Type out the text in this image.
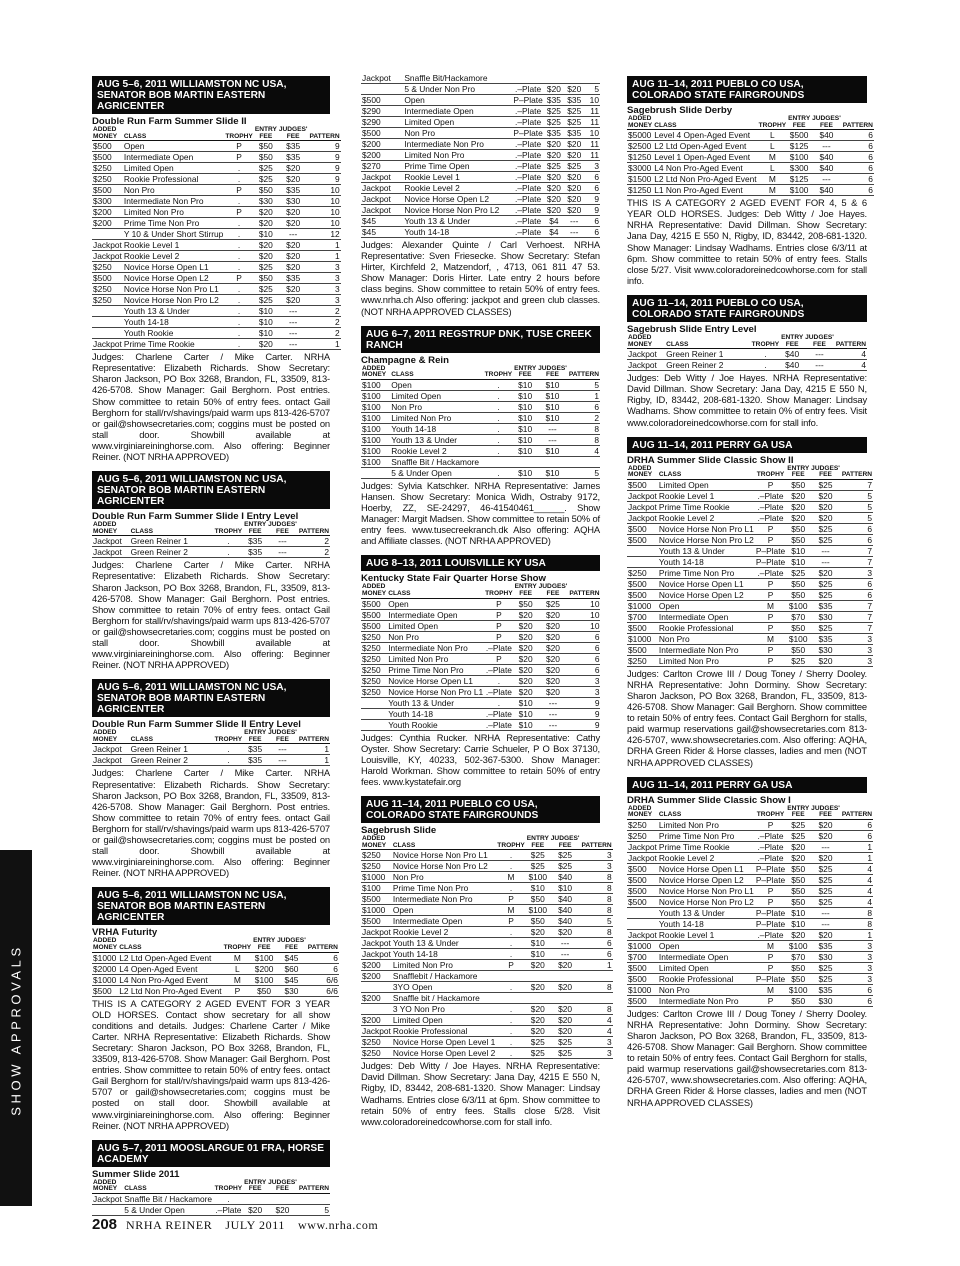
SHOW APPROVALS
AUG 5–6, 2011 WILLIAMSTON NC USA, SENATOR BOB MARTIN EASTERN AGRICENTER
Double Run Farm Summer Slide II
ADDED MONEY	CLASS	TROPHY	ENTRY FEE	JUDGES' FEE	PATTERN
$500	Open	P	$50	$35	9
$500	Intermediate Open	P	$50	$35	9
$250	Limited Open	.	$25	$20	9
$250	Rookie Professional	.	$25	$20	9
$500	Non Pro	P	$50	$35	10
$300	Intermediate Non Pro	.	$30	$30	10
$200	Limited Non Pro	P	$20	$20	10
$200	Prime Time Non Pro	.	$20	$20	10
	Y 10 & Under Short Stirrup	.	$10	---	12
Jackpot	Rookie Level 1	.	$20	$20	1
Jackpot	Rookie Level 2	.	$20	$20	1
$250	Novice Horse Open L1	.	$25	$20	3
$500	Novice Horse Open L2	P	$50	$35	3
$250	Novice Horse Non Pro L1	.	$25	$20	3
$250	Novice Horse Non Pro L2	.	$25	$20	3
	Youth 13 & Under	.	$10	---	2
	Youth 14-18	.	$10	---	2
	Youth Rookie	.	$10	---	2
Jackpot	Prime Time Rookie	.	$20	---	1
Judges: Charlene Carter / Mike Carter. NRHA Representative: Elizabeth Richards. Show Secretary: Sharon Jackson, PO Box 3268, Brandon, FL, 33509, 813-426-5708. Show Manager: Gail Berghorn. Post entries. Show committee to retain 50% of entry fees. ontact Gail Berghorn for stall/rv/shavings/paid warm ups 813-426-5707 or gail@showsecretaries.com; coggins must be posted on stall door. Showbill available at www.virginiareininghorse.com. Also offering: Beginner Reiner. (NOT NRHA APPROVED)
AUG 5–6, 2011 WILLIAMSTON NC USA, SENATOR BOB MARTIN EASTERN AGRICENTER
Double Run Farm Summer Slide I Entry Level
ADDED MONEY	CLASS	TROPHY	ENTRY FEE	JUDGES' FEE	PATTERN
Jackpot	Green Reiner 1	.	$35	---	2
Jackpot	Green Reiner 2	.	$35	---	2
Judges: Charlene Carter / Mike Carter. NRHA Representative: Elizabeth Richards. Show Secretary: Sharon Jackson, PO Box 3268, Brandon, FL, 33509, 813-426-5708. Show Manager: Gail Berghorn. Post entries. Show committee to retain 70% of entry fees. ontact Gail Berghorn for stall/rv/shavings/paid warm ups 813-426-5707 or gail@showsecretaries.com; coggins must be posted on stall door. Showbill available at www.virginiareininghorse.com. Also offering: Beginner Reiner. (NOT NRHA APPROVED)
AUG 5–6, 2011 WILLIAMSTON NC USA, SENATOR BOB MARTIN EASTERN AGRICENTER
Double Run Farm Summer Slide II Entry Level
ADDED MONEY	CLASS	TROPHY	ENTRY FEE	JUDGES' FEE	PATTERN
Jackpot	Green Reiner 1	.	$35	---	1
Jackpot	Green Reiner 2	.	$35	---	1
Judges: Charlene Carter / Mike Carter. NRHA Representative: Elizabeth Richards. Show Secretary: Sharon Jackson, PO Box 3268, Brandon, FL, 33509, 813-426-5708. Show Manager: Gail Berghorn. Post entries. Show committee to retain 70% of entry fees. ontact Gail Berghorn for stall/rv/shavings/paid warm ups 813-426-5707 or gail@showsecretaries.com; coggins must be posted on stall door. Showbill available at www.virginiareininghorse.com. Also offering: Beginner Reiner. (NOT NRHA APPROVED)
AUG 5–6, 2011 WILLIAMSTON NC USA, SENATOR BOB MARTIN EASTERN AGRICENTER
VRHA Futurity
ADDED MONEY	CLASS	TROPHY	ENTRY FEE	JUDGES' FEE	PATTERN
$1000	L2 Ltd Open-Aged Event	M	$100	$45	6
$2000	L4 Open-Aged Event	L	$200	$60	6
$1000	L4 Non Pro-Aged Event	M	$100	$45	6/6
$500	L2 Ltd Non Pro-Aged Event	P	$50	$30	6/6
THIS IS A CATEGORY 2 AGED EVENT FOR 3 YEAR OLD HORSES. Contact show secretary for all show conditions and details. Judges: Charlene Carter / Mike Carter. NRHA Representative: Elizabeth Richards. Show Secretary: Sharon Jackson, PO Box 3268, Brandon, FL, 33509, 813-426-5708. Show Manager: Gail Berghorn. Post entries. Show committee to retain 50% of entry fees. ontact Gail Berghorn for stall/rv/shavings/paid warm ups 813-426-5707 or gail@showsecretaries.com; coggins must be posted on stall door. Showbill available at www.virginiareininghorse.com. Also offering: Beginner Reiner. (NOT NRHA APPROVED)
AUG 5–7, 2011 MOOSLARGUE 01 FRA, HORSE ACADEMY
Summer Slide 2011
ADDED MONEY	CLASS	TROPHY	ENTRY FEE	JUDGES' FEE	PATTERN
Jackpot	Snaffle Bit / Hackamore	.			
	5 & Under Open	.–Plate	$20	$20	5
Jackpot	Snaffle Bit/Hackamore				
	5 & Under Non Pro	.–Plate	$20	$20	5
$500	Open	P–Plate	$35	$35	10
$290	Intermediate Open	.–Plate	$25	$25	11
$290	Limited Open	.–Plate	$25	$25	11
$500	Non Pro	P–Plate	$35	$35	10
$200	Intermediate Non Pro	.–Plate	$20	$20	11
$200	Limited Non Pro	.–Plate	$20	$20	11
$270	Prime Time Open	.–Plate	$25	$25	3
Jackpot	Rookie Level 1	.–Plate	$20	$20	6
Jackpot	Rookie Level 2	.–Plate	$20	$20	6
Jackpot	Novice Horse Open L2	.–Plate	$20	$20	9
Jackpot	Novice Horse Non Pro L2	.–Plate	$20	$20	9
$45	Youth 13 & Under	.–Plate	$4	---	6
$45	Youth 14-18	.–Plate	$4	---	6
Judges: Alexander Quinte / Carl Verhoest. NRHA Representative: Sven Friesecke. Show Secretary: Stefan Hirter, Kirchfeld 2, Matzendorf, , 4713, 061 811 47 53. Show Manager: Doris Hirter. Late entry 2 hours before class begins. Show committee to retain 50% of entry fees. www.nrha.ch Also offering: jackpot and green club classes. (NOT NRHA APPROVED CLASSES)
AUG 6–7, 2011 REGSTRUP DNK, TUSE CREEK RANCH
Champagne & Rein
ADDED MONEY	CLASS	TROPHY	ENTRY FEE	JUDGES' FEE	PATTERN
$100	Open	.	$10	$10	5
$100	Limited Open	.	$10	$10	1
$100	Non Pro	.	$10	$10	6
$100	Limited Non Pro	.	$10	$10	2
$100	Youth 14-18	.	$10	---	8
$100	Youth 13 & Under	.	$10	---	8
$100	Rookie Level 2	.	$10	$10	4
$100	Snaffle Bit / Hackamore				
	5 & Under Open	.	$10	$10	5
Judges: Sylvia Katschker. NRHA Representative: James Hansen. Show Secretary: Monica Widh, Ostraby 9172, Hoerby, ZZ, SE-24297, 46-41540461______. Show Manager: Margit Madsen. Show committee to retain 50% of entry fees. www.tusecreekranch.dk Also offering: AQHA and Affiliate classes. (NOT NRHA APPROVED)
AUG 8–13, 2011 LOUISVILLE KY USA
Kentucky State Fair Quarter Horse Show
ADDED MONEY	CLASS	TROPHY	ENTRY FEE	JUDGES' FEE	PATTERN
$500	Open	P	$50	$25	10
$500	Intermediate Open	P	$20	$20	10
$500	Limited Open	P	$20	$20	10
$250	Non Pro	P	$20	$20	6
$250	Intermediate Non Pro	.–Plate	$20	$20	6
$250	Limited Non Pro	P	$20	$20	6
$250	Prime Time Non Pro	.–Plate	$20	$20	6
$250	Novice Horse Open L1	.	$20	$20	3
$250	Novice Horse Non Pro L1	.–Plate	$20	$20	3
	Youth 13 & Under	.	$10	---	9
	Youth 14-18	.–Plate	$10	---	9
	Youth Rookie	.–Plate	$10	---	9
Judges: Cynthia Rucker. NRHA Representative: Cathy Oyster. Show Secretary: Carrie Schueler, P O Box 37130, Louisville, KY, 40233, 502-367-5300. Show Manager: Harold Workman. Show committee to retain 50% of entry fees. www.kystatefair.org
AUG 11–14, 2011 PUEBLO CO USA, COLORADO STATE FAIRGROUNDS
Sagebrush Slide
ADDED MONEY	CLASS	TROPHY	ENTRY FEE	JUDGES' FEE	PATTERN
$250	Novice Horse Non Pro L1	.	$25	$25	3
$250	Novice Horse Non Pro L2	.	$25	$25	3
$1000	Non Pro	M	$100	$40	8
$100	Prime Time Non Pro	.	$10	$10	8
$500	Intermediate Non Pro	P	$50	$40	8
$1000	Open	M	$100	$40	8
$500	Intermediate Open	P	$50	$40	5
Jackpot	Rookie Level 2	.	$20	$20	8
Jackpot	Youth 13 & Under	.	$10	---	6
Jackpot	Youth 14-18	.	$10	---	6
$200	Limited Non Pro	P	$20	$20	1
$200	Snafflebit / Hackamore				
	3YO Open	.	$20	$20	8
$200	Snaffle bit / Hackamore				
	3 YO Non Pro	.	$20	$20	8
$200	Limited Open	.	$20	$20	4
Jackpot	Rookie Professional	.	$20	$20	4
$250	Novice Horse Open Level 1	.	$25	$25	3
$250	Novice Horse Open Level 2	.	$25	$25	3
Judges: Deb Witty / Joe Hayes. NRHA Representative: David Dillman. Show Secretary: Jana Day, 4215 E 550 N, Rigby, ID, 83442, 208-681-1320. Show Manager: Lindsay Wadhams. Entries close 6/3/11 at 6pm. Show committee to retain 50% of entry fees. Stalls close 5/28. Visit www.coloradoreinedcowhorse.com for stall info.
AUG 11–14, 2011 PUEBLO CO USA, COLORADO STATE FAIRGROUNDS
Sagebrush Slide Derby
ADDED MONEY	CLASS	TROPHY	ENTRY FEE	JUDGES' FEE	PATTERN
$5000	Level 4 Open-Aged Event	L	$500	$40	6
$2500	L2 Ltd Open-Aged Event	L	$125	---	6
$1250	Level 1 Open-Aged Event	M	$100	$40	6
$3000	L4 Non Pro-Aged Event	L	$300	$40	6
$1500	L2 Ltd Non Pro-Aged Event	M	$125	---	6
$1250	L1 Non Pro-Aged Event	M	$100	$40	6
THIS IS A CATEGORY 2 AGED EVENT FOR 4, 5 & 6 YEAR OLD HORSES. Judges: Deb Witty / Joe Hayes. NRHA Representative: David Dillman. Show Secretary: Jana Day, 4215 E 550 N, Rigby, ID, 83442, 208-681-1320. Show Manager: Lindsay Wadhams. Entries close 6/3/11 at 6pm. Show committee to retain 50% of entry fees. Stalls close 5/27. Visit www.coloradoreinedcowhorse.com for stall info.
AUG 11–14, 2011 PUEBLO CO USA, COLORADO STATE FAIRGROUNDS
Sagebrush Slide Entry Level
ADDED MONEY	CLASS	TROPHY	ENTRY FEE	JUDGES' FEE	PATTERN
Jackpot	Green Reiner 1	.	$40	---	4
Jackpot	Green Reiner 2	.	$40	---	4
Judges: Deb Witty / Joe Hayes. NRHA Representative: David Dillman. Show Secretary: Jana Day, 4215 E 550 N, Rigby, ID, 83442, 208-681-1320. Show Manager: Lindsay Wadhams. Show committee to retain 0% of entry fees. Visit www.coloradoreinedcowhorse.com for stall info.
AUG 11–14, 2011 PERRY GA USA
DRHA Summer Slide Classic Show II
ADDED MONEY	CLASS	TROPHY	ENTRY FEE	JUDGES' FEE	PATTERN
$500	Limited Open	P	$50	$25	7
Jackpot	Rookie Level 1	.–Plate	$20	$20	5
Jackpot	Prime Time Rookie	.–Plate	$20	$20	5
Jackpot	Rookie Level 2	.–Plate	$20	$20	5
$500	Novice Horse Non Pro L1	P	$50	$25	6
$500	Novice Horse Non Pro L2	P	$50	$25	6
	Youth 13 & Under	P–Plate	$10	---	7
	Youth 14-18	P–Plate	$10	---	7
$250	Prime Time Non Pro	.–Plate	$25	$20	3
$500	Novice Horse Open L1	P	$50	$25	6
$500	Novice Horse Open L2	P	$50	$25	6
$1000	Open	M	$100	$35	7
$700	Intermediate Open	P	$70	$30	7
$500	Rookie Professional	P	$50	$25	7
$1000	Non Pro	M	$100	$35	3
$500	Intermediate Non Pro	P	$50	$30	3
$250	Limited Non Pro	P	$25	$20	3
Judges: Carlton Crowe III / Doug Toney / Sherry Dooley. NRHA Representative: John Dorminy. Show Secretary: Sharon Jackson, PO Box 3268, Brandon, FL, 33509, 813-426-5708. Show Manager: Gail Berghorn. Show committee to retain 50% of entry fees. Contact Gail Berghorn for stalls, paid warmup reservations gail@showsecretaries.com 813-426-5707, www.showsecretaries.com. Also offering: AQHA, DRHA Green Rider & Horse classes, ladies and men (NOT NRHA APPROVED CLASSES)
AUG 11–14, 2011 PERRY GA USA
DRHA Summer Slide Classic Show I
ADDED MONEY	CLASS	TROPHY	ENTRY FEE	JUDGES' FEE	PATTERN
$250	Limited Non Pro	P	$25	$20	6
$250	Prime Time Non Pro	.–Plate	$25	$20	6
Jackpot	Prime Time Rookie	.–Plate	$20	---	1
Jackpot	Rookie Level 2	.–Plate	$20	$20	1
$500	Novice Horse Open L1	P–Plate	$50	$25	4
$500	Novice Horse Open L2	P–Plate	$50	$25	4
$500	Novice Horse Non Pro L1	P	$50	$25	4
$500	Novice Horse Non Pro L2	P	$50	$25	4
	Youth 13 & Under	P–Plate	$10	---	8
	Youth 14-18	P–Plate	$10	---	8
Jackpot	Rookie Level 1	.–Plate	$20	$20	1
$1000	Open	M	$100	$35	3
$700	Intermediate Open	P	$70	$30	3
$500	Limited Open	P	$50	$25	3
$500	Rookie Professional	P–Plate	$50	$25	3
$1000	Non Pro	M	$100	$35	6
$500	Intermediate Non Pro	P	$50	$30	6
Judges: Carlton Crowe III / Doug Toney / Sherry Dooley. NRHA Representative: John Dorminy. Show Secretary: Sharon Jackson, PO Box 3268, Brandon, FL, 33509, 813-426-5708. Show Manager: Gail Berghorn. Show committee to retain 50% of entry fees. Contact Gail Berghorn for stalls, paid warmup reservations gail@showsecretaries.com 813-426-5707, www.showsecretaries.com. Also offering: AQHA, DRHA Green Rider & Horse classes, ladies and men (NOT NRHA APPROVED CLASSES)
208 NRHA REINER JULY 2011 www.nrha.com
